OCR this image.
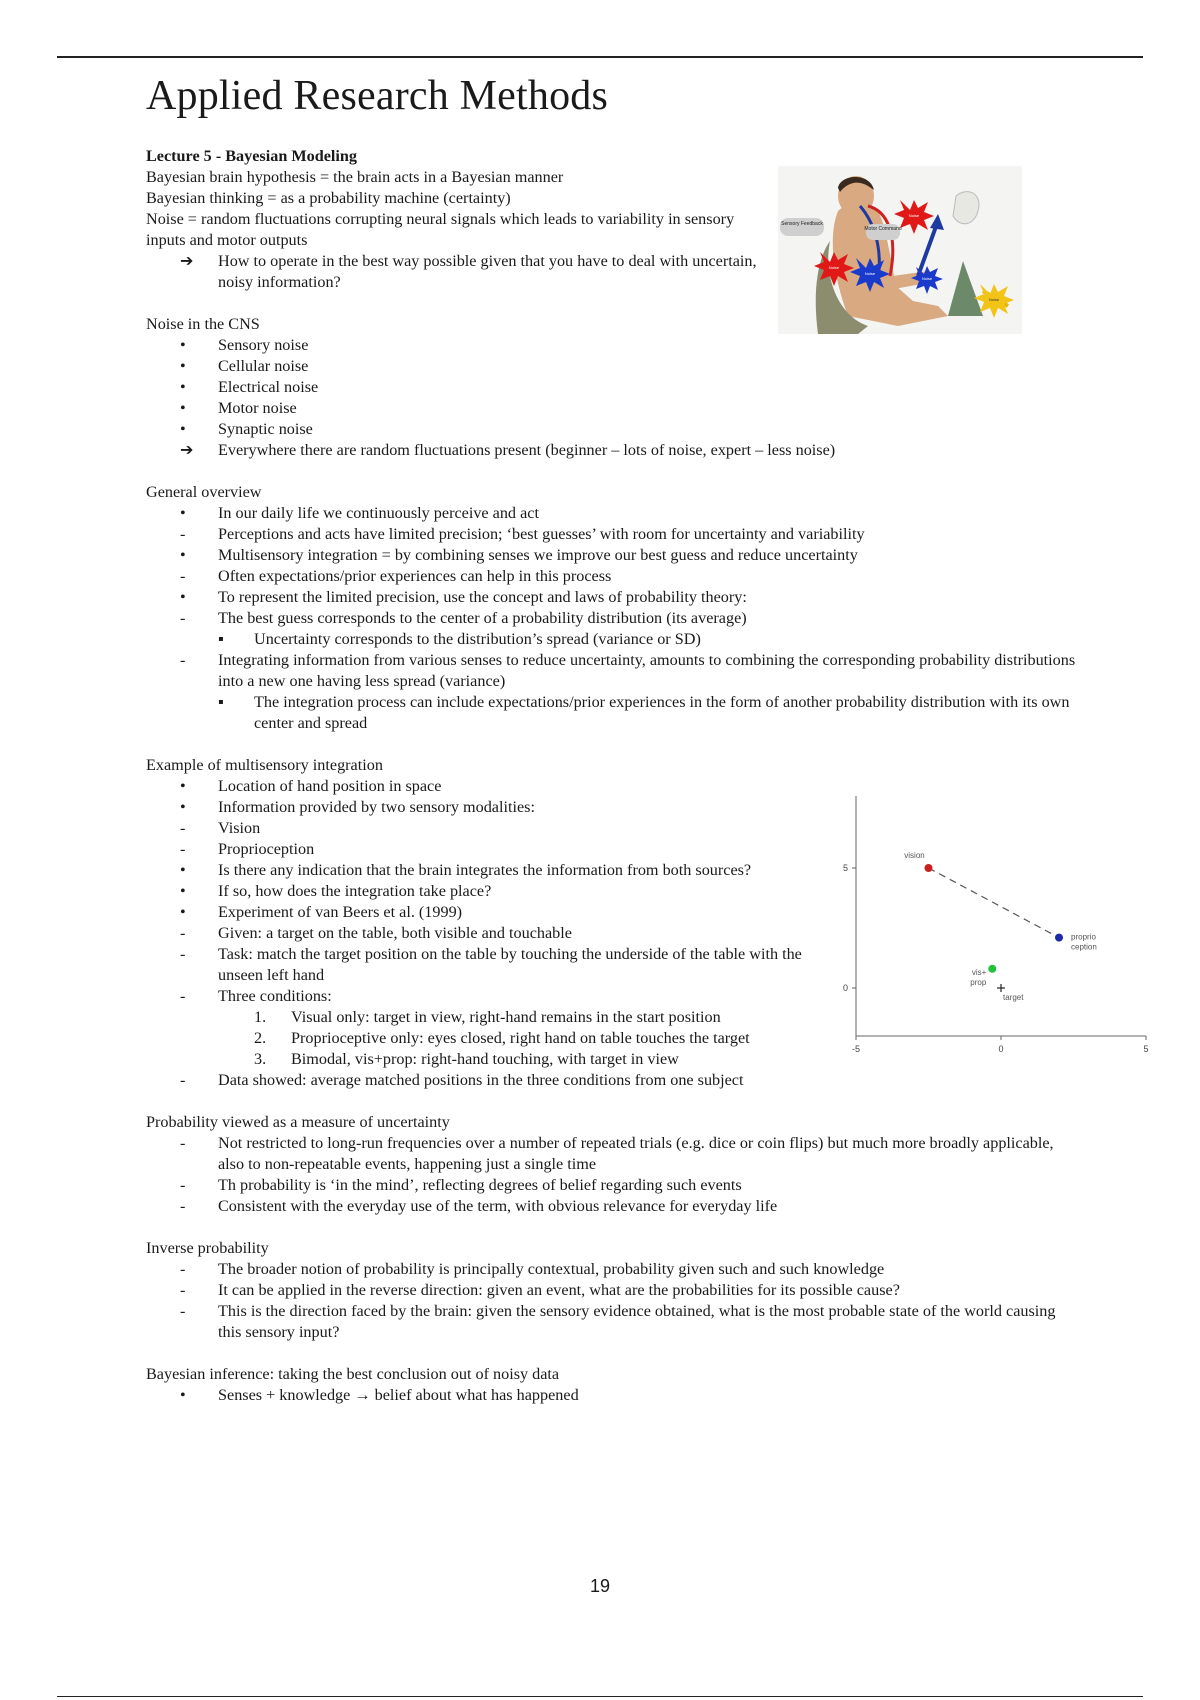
Applied Research Methods
Sensory Feedback
Motor Command
Noise
Noise
Noise
Noise
Noise
-5	0	5
0
5
vision
proprio ception
vis+ prop
target

Lecture 5 - Bayesian Modeling

Bayesian brain hypothesis = the brain acts in a Bayesian manner

Bayesian thinking = as a probability machine (certainty)

Noise = random fluctuations corrupting neural signals which leads to variability in sensory inputs and motor outputs

➔	How to operate in the best way possible given that you have to deal with uncertain, noisy information?

Noise in the CNS

•	Sensory noise
•	Cellular noise
•	Electrical noise
•	Motor noise
•	Synaptic noise
➔	Everywhere there are random fluctuations present (beginner – lots of noise, expert – less noise)

General overview

•	In our daily life we continuously perceive and act
-	Perceptions and acts have limited precision; ‘best guesses’ with room for uncertainty and variability
•	Multisensory integration = by combining senses we improve our best guess and reduce uncertainty
-	Often expectations/prior experiences can help in this process
•	To represent the limited precision, use the concept and laws of probability theory:
-	The best guess corresponds to the center of a probability distribution (its average)
▪	Uncertainty corresponds to the distribution’s spread (variance or SD)
-	Integrating information from various senses to reduce uncertainty, amounts to combining the corresponding probability distributions into a new one having less spread (variance)
▪	The integration process can include expectations/prior experiences in the form of another probability distribution with its own center and spread

Example of multisensory integration

•	Location of hand position in space
•	Information provided by two sensory modalities:
-	Vision
-	Proprioception
•	Is there any indication that the brain integrates the information from both sources?
•	If so, how does the integration take place?
•	Experiment of van Beers et al. (1999)
-	Given: a target on the table, both visible and touchable
-	Task: match the target position on the table by touching the underside of the table with the unseen left hand
-	Three conditions:
1.	Visual only: target in view, right-hand remains in the start position
2.	Proprioceptive only: eyes closed, right hand on table touches the target
3.	Bimodal, vis+prop: right-hand touching, with target in view
-	Data showed: average matched positions in the three conditions from one subject

Probability viewed as a measure of uncertainty

-	Not restricted to long-run frequencies over a number of repeated trials (e.g. dice or coin flips) but much more broadly applicable, also to non-repeatable events, happening just a single time
-	Th probability is ‘in the mind’, reflecting degrees of belief regarding such events
-	Consistent with the everyday use of the term, with obvious relevance for everyday life

Inverse probability

-	The broader notion of probability is principally contextual, probability given such and such knowledge
-	It can be applied in the reverse direction: given an event, what are the probabilities for its possible cause?
-	This is the direction faced by the brain: given the sensory evidence obtained, what is the most probable state of the world causing this sensory input?

Bayesian inference: taking the best conclusion out of noisy data

•	Senses + knowledge → belief about what has happened
19
